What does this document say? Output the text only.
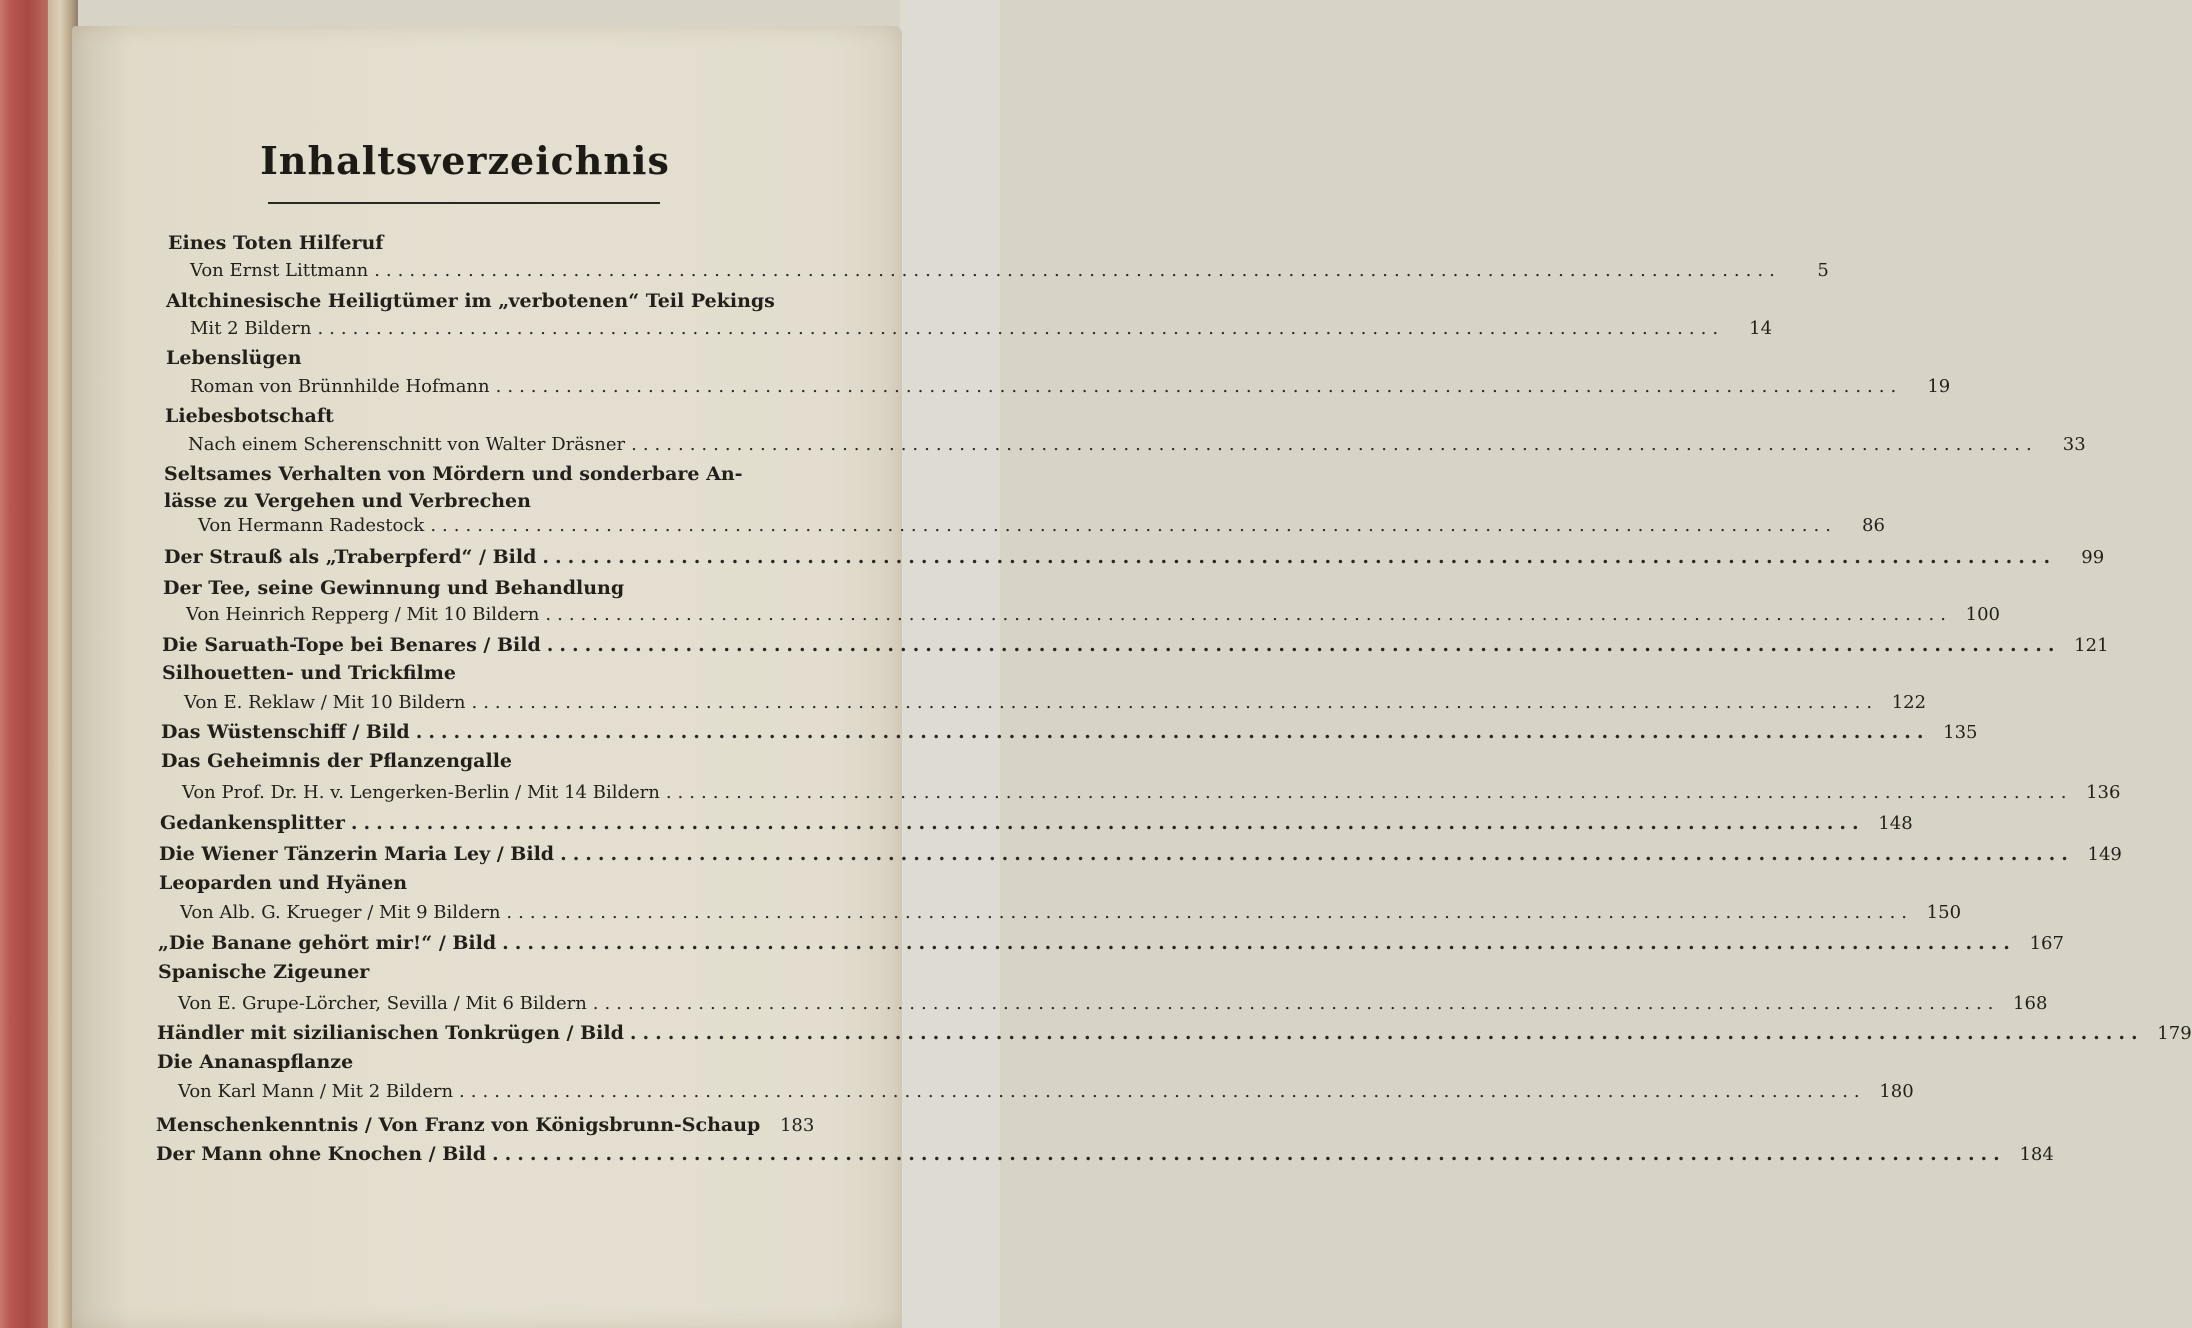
Inhaltsverzeichnis
Eines Toten Hilferuf
Von Ernst Littmann ........................................................................................................................	5
Altchinesische Heiligtümer im „verbotenen“ Teil Pekings
Mit 2 Bildern ........................................................................................................................	14
Lebenslügen
Roman von Brünnhilde Hofmann ........................................................................................................................	19
Liebesbotschaft
Nach einem Scherenschnitt von Walter Dräsner ........................................................................................................................	33
Seltsames Verhalten von Mördern und sonderbare An-
lässe zu Vergehen und Verbrechen
Von Hermann Radestock ........................................................................................................................	86
Der Strauß als „Traberpferd“ / Bild ........................................................................................................................	99
Der Tee, seine Gewinnung und Behandlung
Von Heinrich Repperg / Mit 10 Bildern ........................................................................................................................ 100
Die Saruath-Tope bei Benares / Bild ........................................................................................................................ 121
Silhouetten- und Trickfilme
Von E. Reklaw / Mit 10 Bildern ........................................................................................................................ 122
Das Wüstenschiff / Bild ........................................................................................................................ 135
Das Geheimnis der Pflanzengalle
Von Prof. Dr. H. v. Lengerken-Berlin / Mit 14 Bildern ........................................................................................................................ 136
Gedankensplitter ........................................................................................................................ 148
Die Wiener Tänzerin Maria Ley / Bild ........................................................................................................................ 149
Leoparden und Hyänen
Von Alb. G. Krueger / Mit 9 Bildern ........................................................................................................................ 150
„Die Banane gehört mir!“ / Bild ........................................................................................................................ 167
Spanische Zigeuner
Von E. Grupe-Lörcher, Sevilla / Mit 6 Bildern ........................................................................................................................ 168
Händler mit sizilianischen Tonkrügen / Bild ........................................................................................................................ 179
Die Ananaspflanze
Von Karl Mann / Mit 2 Bildern ........................................................................................................................ 180
Menschenkenntnis / Von Franz von Königsbrunn-Schaup	183
Der Mann ohne Knochen / Bild ........................................................................................................................ 184
